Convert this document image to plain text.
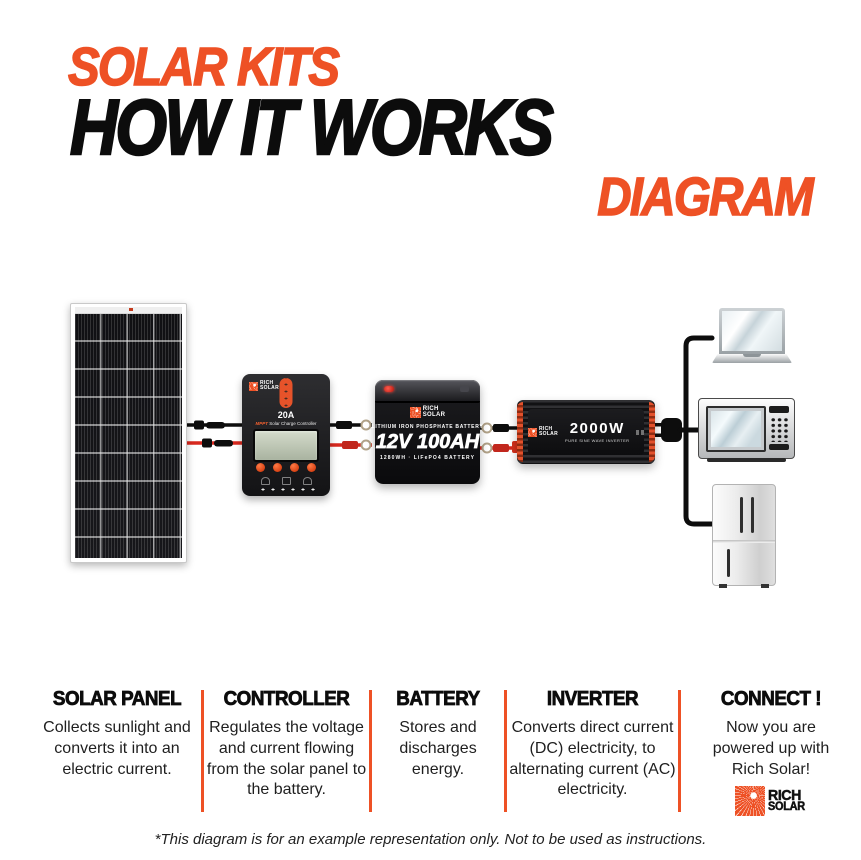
SOLAR KITS
HOW IT WORKS
DIAGRAM
RICH
SOLAR
20A
MPPT Solar Charge Controller
RICH
SOLAR
LITHIUM IRON PHOSPHATE BATTERY
12V 100AH
1280WH · LiFePO4 BATTERY
RICH
SOLAR 2000W
PURE SINE WAVE INVERTER
SOLAR PANEL
Collects sunlight and converts it into an electric current.
CONTROLLER
Regulates the voltage and current flowing from the solar panel to the battery.
BATTERY
Stores and discharges energy.
INVERTER
Converts direct current (DC) electricity, to alternating current (AC) electricity.
CONNECT !
Now you are powered up with Rich Solar!
RICH
SOLAR
*This diagram is for an example representation only. Not to be used as instructions.
